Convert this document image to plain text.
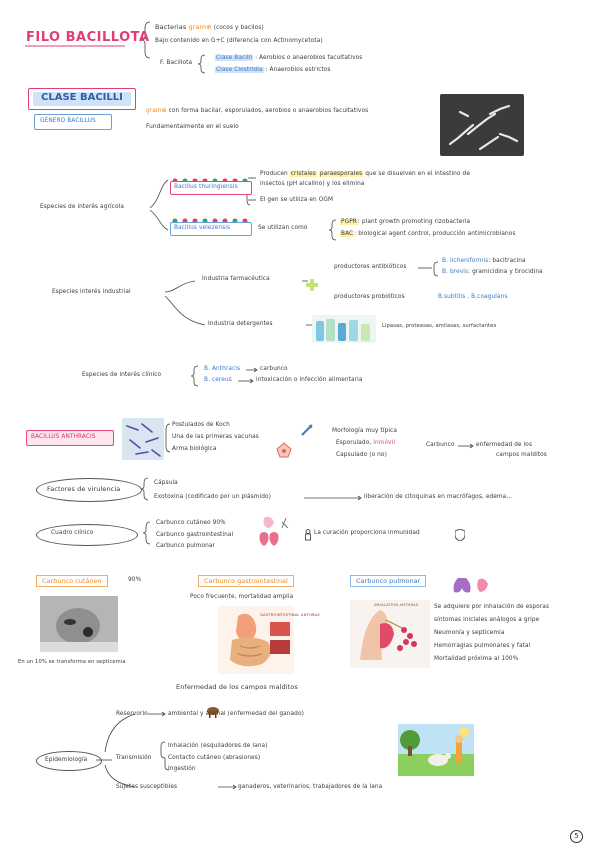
FILO BACILLOTA
Bacterias gram⊕ (cocos y bacilos)
Bajo contenido en G+C (diferencia con Actinomycetota)
F. Bacillota
Clase Bacilli : Aerobios o anaerobios facultativos
Clase Clostridia : Anaerobios estrictos
CLASE BACILLI
GÉNERO BACILLUS
gram⊕ con forma bacilar, esporulados, aerobios o anaerobios facultativos
Fundamentalmente en el suelo
Especies de interés agrícola
Bacillus thuringiensis
Producen cristales paraesporales que se disuelven en el intestino de
insectos (pH alcalino) y los elimina
El gen se utiliza en OGM
Bacillus velezensis	Se utilizan como
PGPR: plant growth promoting rizobacteria
BAC: biological agent control, producción antimicrobianos
Especies interés industrial
Industria farmacéutica
productores antibióticos
B. licheniformis: bacitracina
B. brevis: gramicidina y tirocidina
productores probióticos	B.subtilis , B.coagulans
Industria detergentes	Lipasas, proteasas, amilasas, surfactantes
Especies de interés clínico
B. Anthracis	carbunco
B. cereus	intoxicación o infección alimentaria
BACILLUS ANTHRACIS
Postulados de Koch
Una de las primeras vacunas
Arma biológica
Morfología muy típica
Esporulado, inmóvil
Capsulado (o no)
Carbunco	enfermedad de los
campos malditos
Factores de virulencia
Cápsula
Exotoxina (codificado por un plásmido)	liberación de citoquinas en macrófagos, edema...
Cuadro clínico
Carbunco cutáneo 90%
Carbunco gastrointestinal
Carbunco pulmonar
La curación proporciona inmunidad
Carbunco cutáneo	90%
En un 10% se transforma en septicemia
Carbunco gastrointestinal
Poco frecuente, mortalidad amplia
GASTROINTESTINAL ANTHRAX
Carbunco pulmonar
INHALATION ANTHRAX	Se adquiere por inhalación de esporas
síntomas iniciales análogos a gripe
Neumonía y septicemia
Hemorragias pulmonares y fatal
Mortalidad próxima al 100%
Enfermedad de los campos malditos
Reservorio	ambiental y animal (enfermedad del ganado)
Epidemiología	Transmisión
Inhalación (esquiladores de lana)
Contacto cutáneo (abrasiones)
Ingestión
Sujetos susceptibles	ganaderos, veterinarios, trabajadores de la lana
5
